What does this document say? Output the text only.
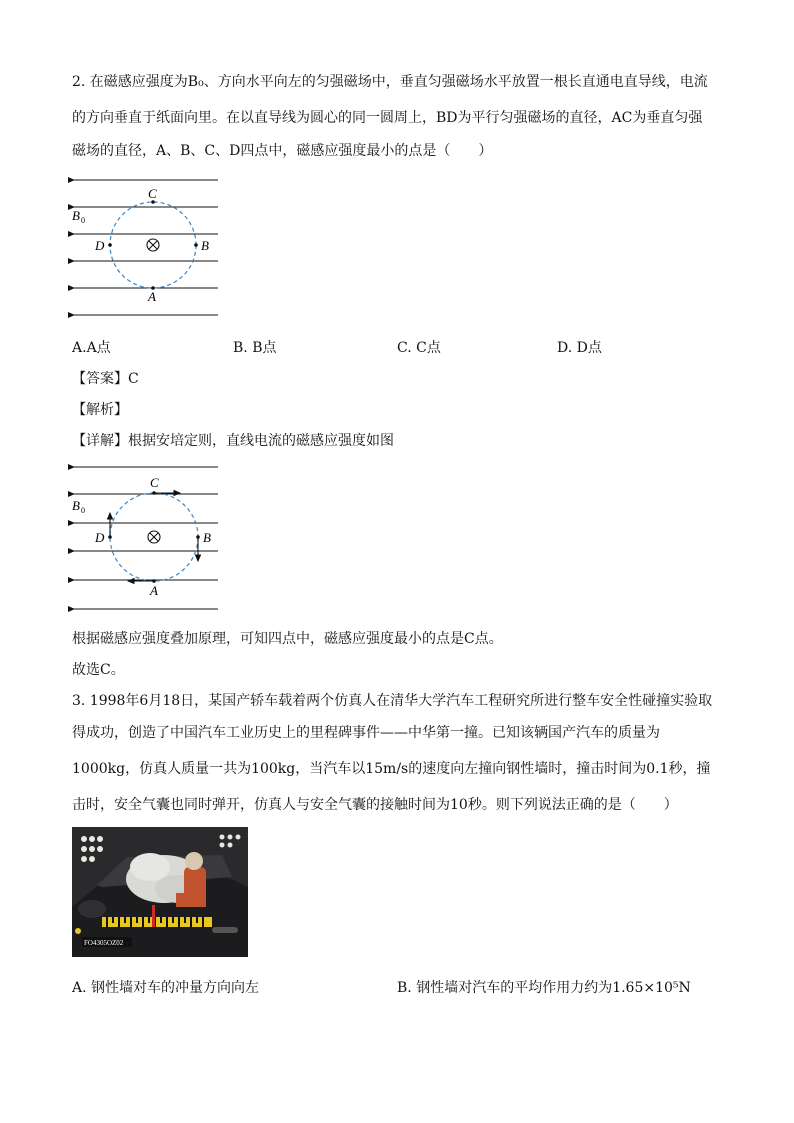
2. 在磁感应强度为B₀、方向水平向左的匀强磁场中，垂直匀强磁场水平放置一根长直通电直导线，电流
的方向垂直于纸面向里。在以直导线为圆心的同一圆周上，BD为平行匀强磁场的直径，AC为垂直匀强
磁场的直径，A、B、C、D四点中，磁感应强度最小的点是（　　）
C
A
D	B
B 0
A.A点	B. B点	C. C点	D. D点
【答案】C
【解析】
【详解】根据安培定则，直线电流的磁感应强度如图
C
A
D	B
B 0
根据磁感应强度叠加原理，可知四点中，磁感应强度最小的点是C点。
故选C。
3. 1998年6月18日，某国产轿车载着两个仿真人在清华大学汽车工程研究所进行整车安全性碰撞实验取
得成功，创造了中国汽车工业历史上的里程碑事件——中华第一撞。已知该辆国产汽车的质量为
1000kg，仿真人质量一共为100kg，当汽车以15m/s的速度向左撞向钢性墙时，撞击时间为0.1秒，撞
击时，安全气囊也同时弹开，仿真人与安全气囊的接触时间为10秒。则下列说法正确的是（　　）
FO4305OZ02
A. 钢性墙对车的冲量方向向左	B. 钢性墙对汽车的平均作用力约为1.65×10⁵N
